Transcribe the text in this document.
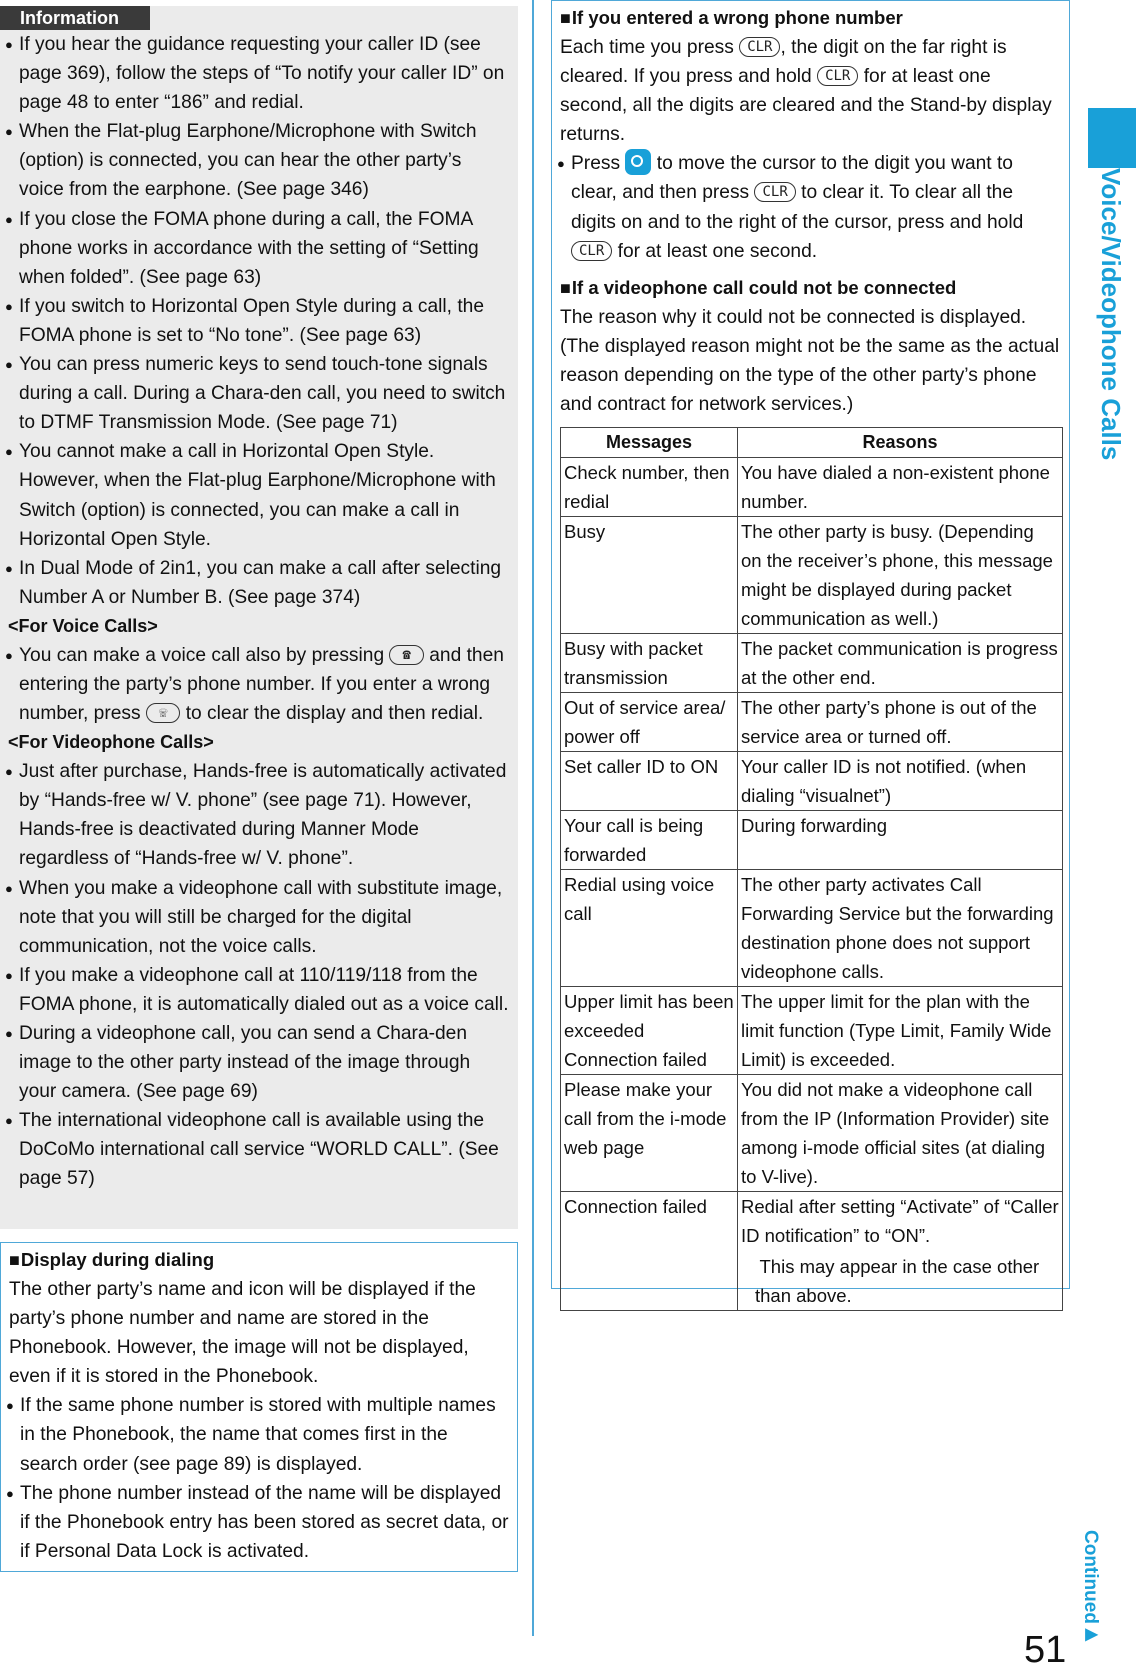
● If you hear the guidance requesting your caller ID (see page 369), follow the steps of “To notify your caller ID” on page 48 to enter “186” and redial.
● When the Flat-plug Earphone/Microphone with Switch (option) is connected, you can hear the other party’s voice from the earphone. (See page 346)
● If you close the FOMA phone during a call, the FOMA phone works in accordance with the setting of “Setting when folded”. (See page 63)
● If you switch to Horizontal Open Style during a call, the FOMA phone is set to “No tone”. (See page 63)
● You can press numeric keys to send touch-tone signals during a call. During a Chara-den call, you need to switch to DTMF Transmission Mode. (See page 71)
● You cannot make a call in Horizontal Open Style. However, when the Flat-plug Earphone/Microphone with Switch (option) is connected, you can make a call in Horizontal Open Style.
● In Dual Mode of 2in1, you can make a call after selecting Number A or Number B. (See page 374)
<For Voice Calls>
● You can make a voice call also by pressing ☎ and then entering the party’s phone number. If you enter a wrong number, press ☏ to clear the display and then redial.
<For Videophone Calls>
● Just after purchase, Hands-free is automatically activated by “Hands-free w/ V. phone” (see page 71). However, Hands-free is deactivated during Manner Mode regardless of “Hands-free w/ V. phone”.
● When you make a videophone call with substitute image, note that you will still be charged for the digital communication, not the voice calls.
● If you make a videophone call at 110/119/118 from the FOMA phone, it is automatically dialed out as a voice call.
● During a videophone call, you can send a Chara-den image to the other party instead of the image through your camera. (See page 69)
● The international videophone call is available using the DoCoMo international call service “WORLD CALL”. (See page 57)
Information
■ Display during dialing
The other party’s name and icon will be displayed if the party’s phone number and name are stored in the Phonebook. However, the image will not be displayed, even if it is stored in the Phonebook.
● If the same phone number is stored with multiple names in the Phonebook, the name that comes first in the search order (see page 89) is displayed.
● The phone number instead of the name will be displayed if the Phonebook entry has been stored as secret data, or if Personal Data Lock is activated.
■ If you entered a wrong phone number
Each time you press CLR , the digit on the far right is cleared. If you press and hold CLR for at least one second, all the digits are cleared and the Stand-by display returns.
● Press to move the cursor to the digit you want to clear, and then press CLR to clear it. To clear all the digits on and to the right of the cursor, press and hold CLR for at least one second.
■ If a videophone call could not be connected
The reason why it could not be connected is displayed. (The displayed reason might not be the same as the actual reason depending on the type of the other party’s phone and contract for network services.)
Messages	Reasons
Check number, then redial	You have dialed a non-existent phone number.
Busy	The other party is busy. (Depending on the receiver’s phone, this message might be displayed during packet communication as well.)
Busy with packet transmission	The packet communication is progress at the other end.
Out of service area/ power off	The other party’s phone is out of the service area or turned off.
Set caller ID to ON	Your caller ID is not notified. (when dialing “visualnet”)
Your call is being forwarded	During forwarding
Redial using voice call	The other party activates Call Forwarding Service but the forwarding destination phone does not support videophone calls.
Upper limit has been exceeded Connection failed	The upper limit for the plan with the limit function (Type Limit, Family Wide Limit) is exceeded.
Please make your call from the i-mode web page	You did not make a videophone call from the IP (Information Provider) site among i-mode official sites (at dialing to V-live).
Connection failed	Redial after setting “Activate” of “Caller ID notification” to “ON”.
 This may appear in the case other than above.
Voice/Videophone Calls
Continued▶
51
